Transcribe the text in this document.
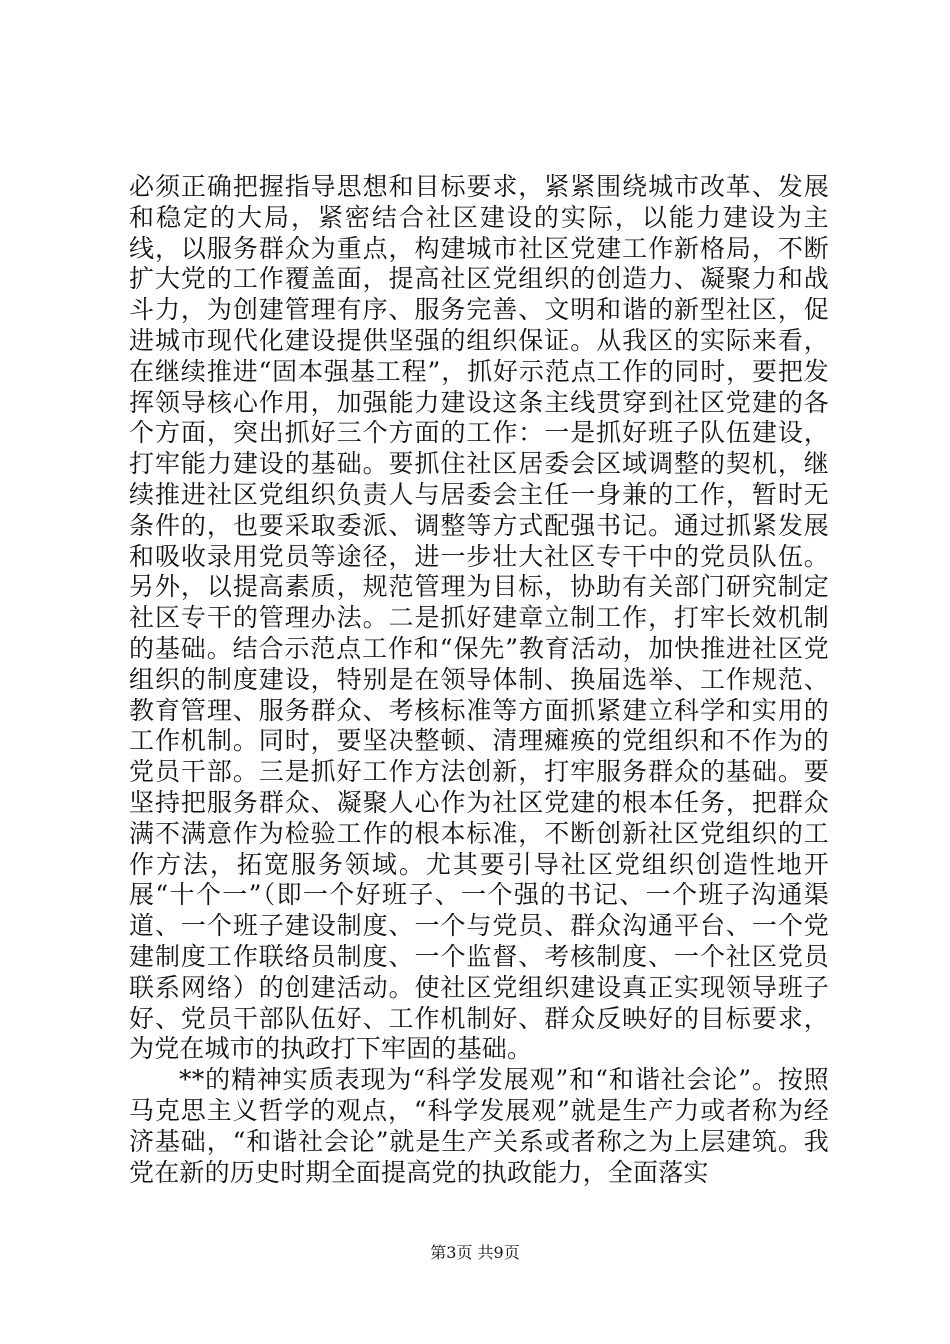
必须正确把握指导思想和目标要求，紧紧围绕城市改革、发展和稳定的大局，紧密结合社区建设的实际，以能力建设为主线，以服务群众为重点，构建城市社区党建工作新格局，不断扩大党的工作覆盖面，提高社区党组织的创造力、凝聚力和战斗力，为创建管理有序、服务完善、文明和谐的新型社区，促进城市现代化建设提供坚强的组织保证。从我区的实际来看，在继续推进“固本强基工程”，抓好示范点工作的同时，要把发挥领导核心作用，加强能力建设这条主线贯穿到社区党建的各个方面，突出抓好三个方面的工作：一是抓好班子队伍建设，打牢能力建设的基础。要抓住社区居委会区域调整的契机，继续推进社区党组织负责人与居委会主任一身兼的工作，暂时无条件的，也要采取委派、调整等方式配强书记。通过抓紧发展和吸收录用党员等途径，进一步壮大社区专干中的党员队伍。另外，以提高素质，规范管理为目标，协助有关部门研究制定社区专干的管理办法。二是抓好建章立制工作，打牢长效机制的基础。结合示范点工作和“保先”教育活动，加快推进社区党组织的制度建设，特别是在领导体制、换届选举、工作规范、教育管理、服务群众、考核标准等方面抓紧建立科学和实用的工作机制。同时，要坚决整顿、清理瘫痪的党组织和不作为的党员干部。三是抓好工作方法创新，打牢服务群众的基础。要坚持把服务群众、凝聚人心作为社区党建的根本任务，把群众满不满意作为检验工作的根本标准，不断创新社区党组织的工作方法，拓宽服务领域。尤其要引导社区党组织创造性地开展“十个一”（即一个好班子、一个强的书记、一个班子沟通渠道、一个班子建设制度、一个与党员、群众沟通平台、一个党建制度工作联络员制度、一个监督、考核制度、一个社区党员联系网络）的创建活动。使社区党组织建设真正实现领导班子好、党员干部队伍好、工作机制好、群众反映好的目标要求，为党在城市的执政打下牢固的基础。

**的精神实质表现为“科学发展观”和“和谐社会论”。按照马克思主义哲学的观点，“科学发展观”就是生产力或者称为经济基础，“和谐社会论”就是生产关系或者称之为上层建筑。我党在新的历史时期全面提高党的执政能力，全面落实

第3页 共9页
